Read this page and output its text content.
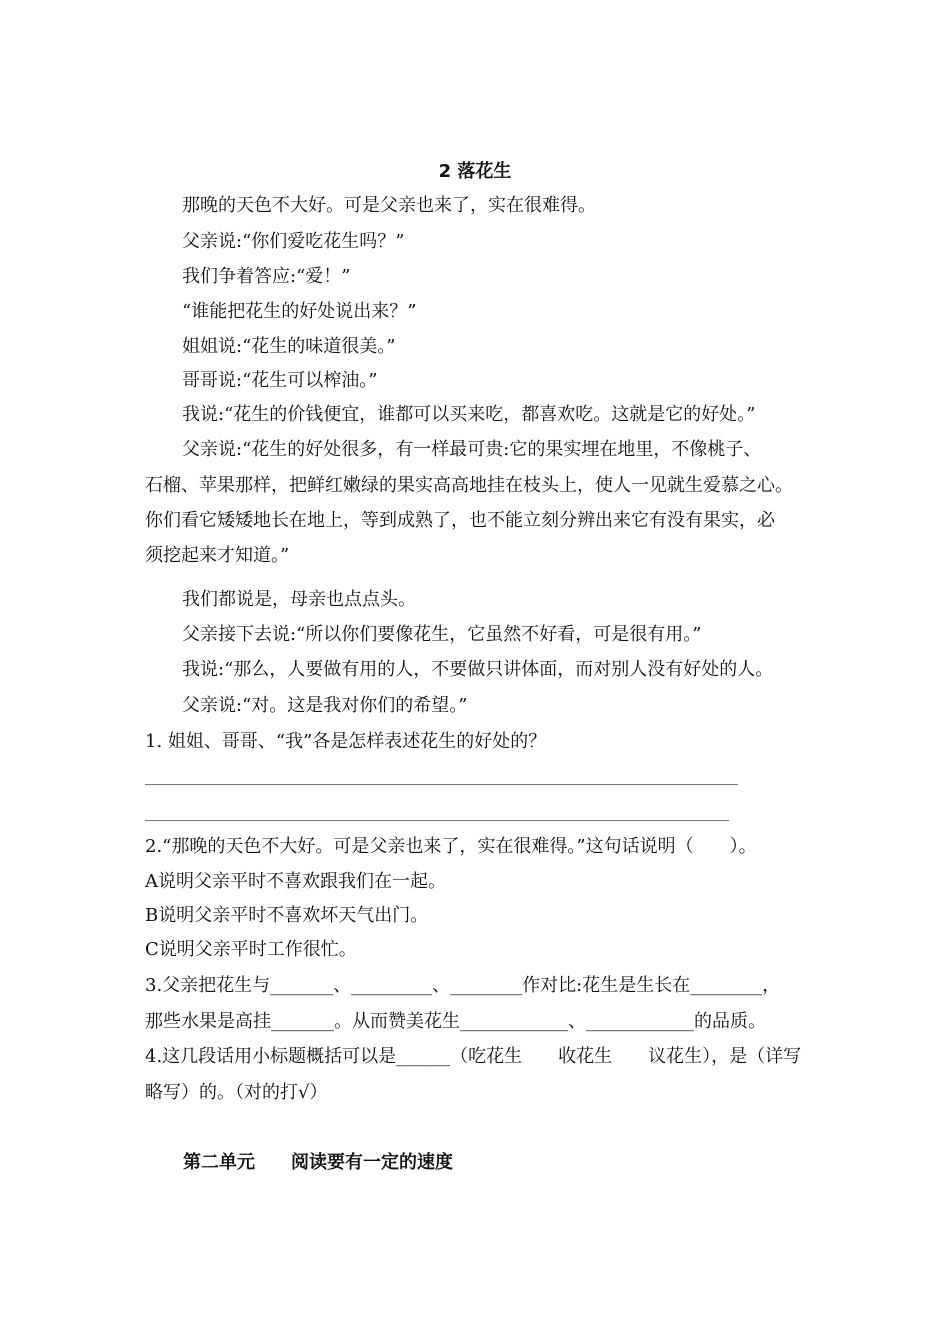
2 落花生
那晚的天色不大好。可是父亲也来了，实在很难得。
父亲说:“你们爱吃花生吗？”
我们争着答应:“爱！”
“谁能把花生的好处说出来？”
姐姐说:“花生的味道很美。”
哥哥说:“花生可以榨油。”
我说:“花生的价钱便宜，谁都可以买来吃，都喜欢吃。这就是它的好处。”
父亲说:“花生的好处很多，有一样最可贵:它的果实埋在地里，不像桃子、
石榴、苹果那样，把鲜红嫩绿的果实高高地挂在枝头上，使人一见就生爱慕之心。
你们看它矮矮地长在地上，等到成熟了，也不能立刻分辨出来它有没有果实，必
须挖起来才知道。”
我们都说是，母亲也点点头。
父亲接下去说:“所以你们要像花生，它虽然不好看，可是很有用。”
我说:“那么，人要做有用的人，不要做只讲体面，而对别人没有好处的人。
父亲说:“对。这是我对你们的希望。”
1. 姐姐、哥哥、“我”各是怎样表述花生的好处的？
2.“那晚的天色不大好。可是父亲也来了，实在很难得。”这句话说明（　　）。
A说明父亲平时不喜欢跟我们在一起。
B说明父亲平时不喜欢坏天气出门。
C说明父亲平时工作很忙。
3.父亲把花生与_______、_________、________作对比:花生是生长在________，
那些水果是高挂_______。从而赞美花生____________、____________的品质。
4.这几段话用小标题概括可以是______（吃花生　　收花生　　议花生），是（详写
略写）的。（对的打√）
第二单元　　阅读要有一定的速度
